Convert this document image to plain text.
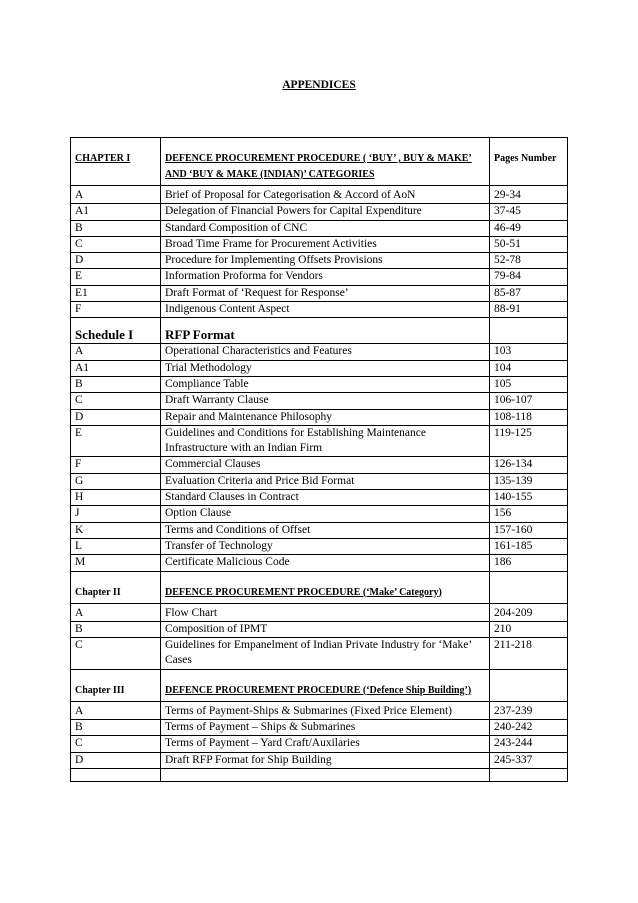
APPENDICES
CHAPTER I	DEFENCE PROCUREMENT PROCEDURE ( ‘BUY’ , BUY & MAKE’ AND ‘BUY & MAKE (INDIAN)’ CATEGORIES	Pages Number
A	Brief of Proposal for Categorisation & Accord of AoN	29-34
A1	Delegation of Financial Powers for Capital Expenditure	37-45
B	Standard Composition of CNC	46-49
C	Broad Time Frame for Procurement Activities	50-51
D	Procedure for Implementing Offsets Provisions	52-78
E	Information Proforma for Vendors	79-84
E1	Draft Format of ‘Request for Response’	85-87
F	Indigenous Content Aspect	88-91
Schedule I	RFP Format	
A	Operational Characteristics and Features	103
A1	Trial Methodology	104
B	Compliance Table	105
C	Draft Warranty Clause	106-107
D	Repair and Maintenance Philosophy	108-118
E	Guidelines and Conditions for Establishing Maintenance Infrastructure with an Indian Firm	119-125
F	Commercial Clauses	126-134
G	Evaluation Criteria and Price Bid Format	135-139
H	Standard Clauses in Contract	140-155
J	Option Clause	156
K	Terms and Conditions of Offset	157-160
L	Transfer of Technology	161-185
M	Certificate Malicious Code	186
Chapter II	DEFENCE PROCUREMENT PROCEDURE (‘Make’ Category)	
A	Flow Chart	204-209
B	Composition of IPMT	210
C	Guidelines for Empanelment of Indian Private Industry for ‘Make’ Cases	211-218
Chapter III	DEFENCE PROCUREMENT PROCEDURE (‘Defence Ship Building’)	
A	Terms of Payment-Ships & Submarines (Fixed Price Element)	237-239
B	Terms of Payment – Ships & Submarines	240-242
C	Terms of Payment – Yard Craft/Auxilaries	243-244
D	Draft RFP Format for Ship Building	245-337
